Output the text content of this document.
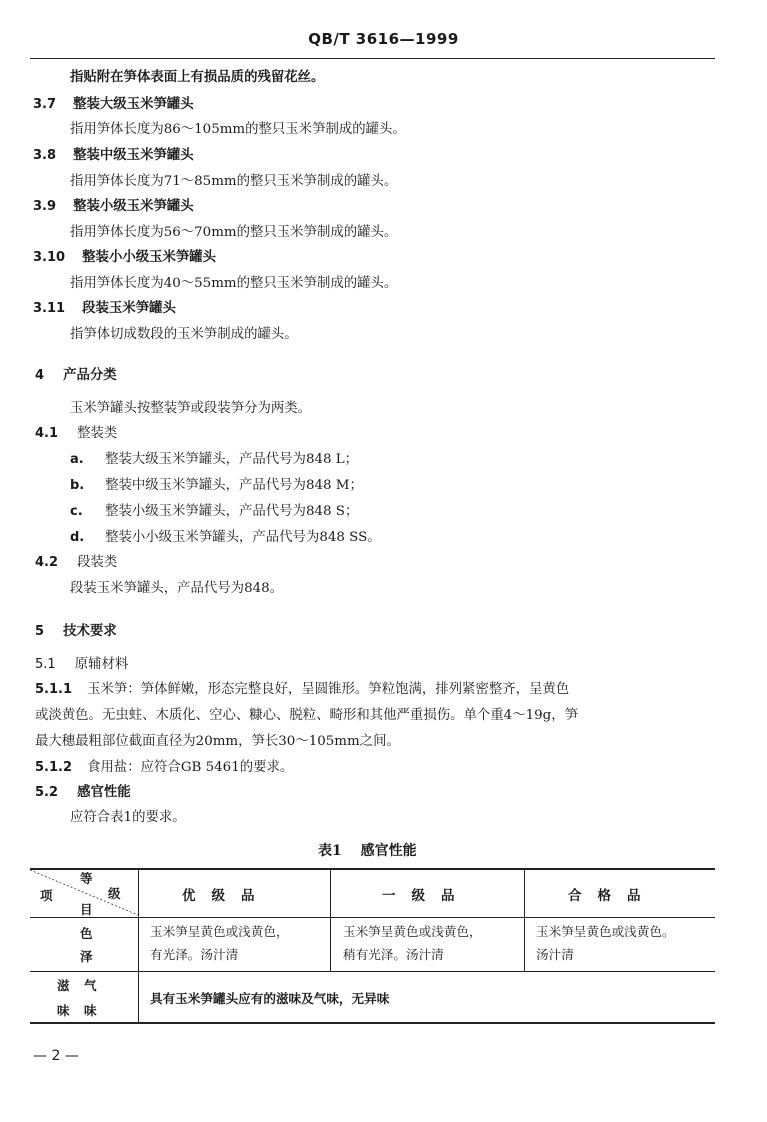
QB/T 3616—1999
指贴附在笋体表面上有损品质的残留花丝。
3.7 整装大级玉米笋罐头
指用笋体长度为86～105mm的整只玉米笋制成的罐头。
3.8 整装中级玉米笋罐头
指用笋体长度为71～85mm的整只玉米笋制成的罐头。
3.9 整装小级玉米笋罐头
指用笋体长度为56～70mm的整只玉米笋制成的罐头。
3.10 整装小小级玉米笋罐头
指用笋体长度为40～55mm的整只玉米笋制成的罐头。
3.11 段装玉米笋罐头
指笋体切成数段的玉米笋制成的罐头。
4 产品分类
玉米笋罐头按整装笋或段装笋分为两类。
4.1 整装类
a. 整装大级玉米笋罐头，产品代号为848 L；
b. 整装中级玉米笋罐头，产品代号为848 M；
c. 整装小级玉米笋罐头，产品代号为848 S；
d. 整装小小级玉米笋罐头，产品代号为848 SS。
4.2 段装类
段装玉米笋罐头，产品代号为848。
5 技术要求
5.1 原辅材料
5.1.1 玉米笋：笋体鲜嫩，形态完整良好，呈圆锥形。笋粒饱满，排列紧密整齐，呈黄色
或淡黄色。无虫蛀、木质化、空心、糠心、脱粒、畸形和其他严重损伤。单个重4～19g，笋
最大穗最粗部位截面直径为20mm，笋长30～105mm之间。
5.1.2 食用盐：应符合GB 5461的要求。
5.2 感官性能
应符合表1的要求。
表1 感官性能
等
级
项
目
优级品	一级品	合格品
色
泽
玉米笋呈黄色或浅黄色，
有光泽。汤汁清
玉米笋呈黄色或浅黄色，
稍有光泽。汤汁清
玉米笋呈黄色或浅黄色。
汤汁清
滋　气
味　味
具有玉米笋罐头应有的滋味及气味，无异味
— 2 —
